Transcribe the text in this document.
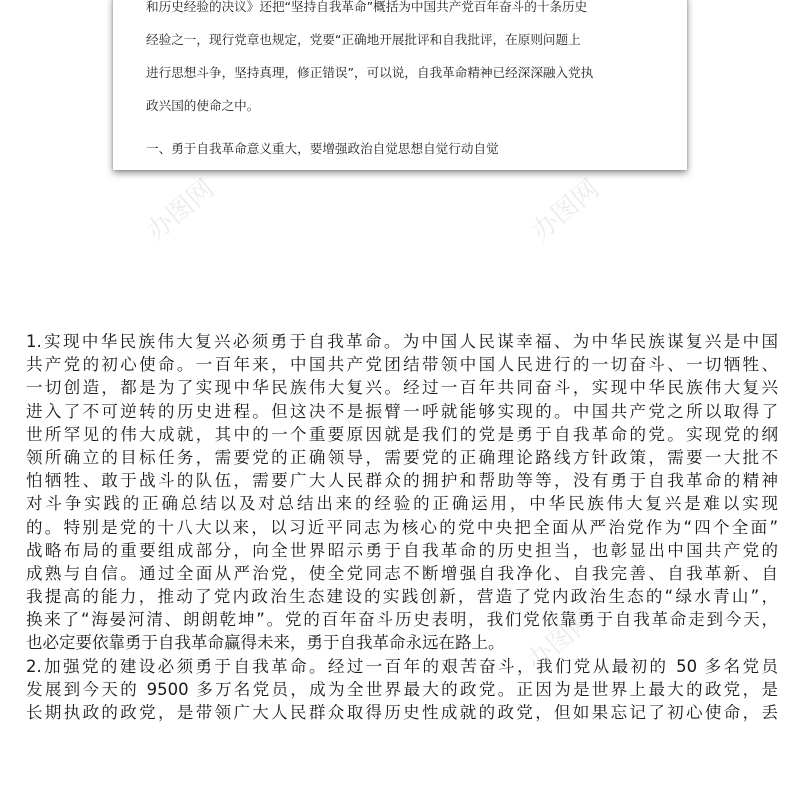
和历史经验的决议》还把“坚持自我革命”概括为中国共产党百年奋斗的十条历史

经验之一，现行党章也规定，党要“正确地开展批评和自我批评，在原则问题上

进行思想斗争，坚持真理，修正错误”，可以说，自我革命精神已经深深融入党执

政兴国的使命之中。

一、勇于自我革命意义重大，要增强政治自觉思想自觉行动自觉

办图网	办图网
办图网
1.实现中华民族伟大复兴必须勇于自我革命。为中国人民谋幸福、为中华民族谋复兴是中国
共产党的初心使命。一百年来，中国共产党团结带领中国人民进行的一切奋斗、一切牺牲、
一切创造，都是为了实现中华民族伟大复兴。经过一百年共同奋斗，实现中华民族伟大复兴
进入了不可逆转的历史进程。但这决不是振臂一呼就能够实现的。中国共产党之所以取得了
世所罕见的伟大成就，其中的一个重要原因就是我们的党是勇于自我革命的党。实现党的纲
领所确立的目标任务，需要党的正确领导，需要党的正确理论路线方针政策，需要一大批不
怕牺牲、敢于战斗的队伍，需要广大人民群众的拥护和帮助等等，没有勇于自我革命的精神
对斗争实践的正确总结以及对总结出来的经验的正确运用，中华民族伟大复兴是难以实现
的。特别是党的十八大以来，以习近平同志为核心的党中央把全面从严治党作为“四个全面”
战略布局的重要组成部分，向全世界昭示勇于自我革命的历史担当，也彰显出中国共产党的
成熟与自信。通过全面从严治党，使全党同志不断增强自我净化、自我完善、自我革新、自
我提高的能力，推动了党内政治生态建设的实践创新，营造了党内政治生态的“绿水青山”，
换来了“海晏河清、朗朗乾坤”。党的百年奋斗历史表明，我们党依靠勇于自我革命走到今天，
也必定要依靠勇于自我革命赢得未来，勇于自我革命永远在路上。
2.加强党的建设必须勇于自我革命。经过一百年的艰苦奋斗，我们党从最初的 50 多名党员
发展到今天的 9500 多万名党员，成为全世界最大的政党。正因为是世界上最大的政党，是
长期执政的政党，是带领广大人民群众取得历史性成就的政党，但如果忘记了初心使命，丢
